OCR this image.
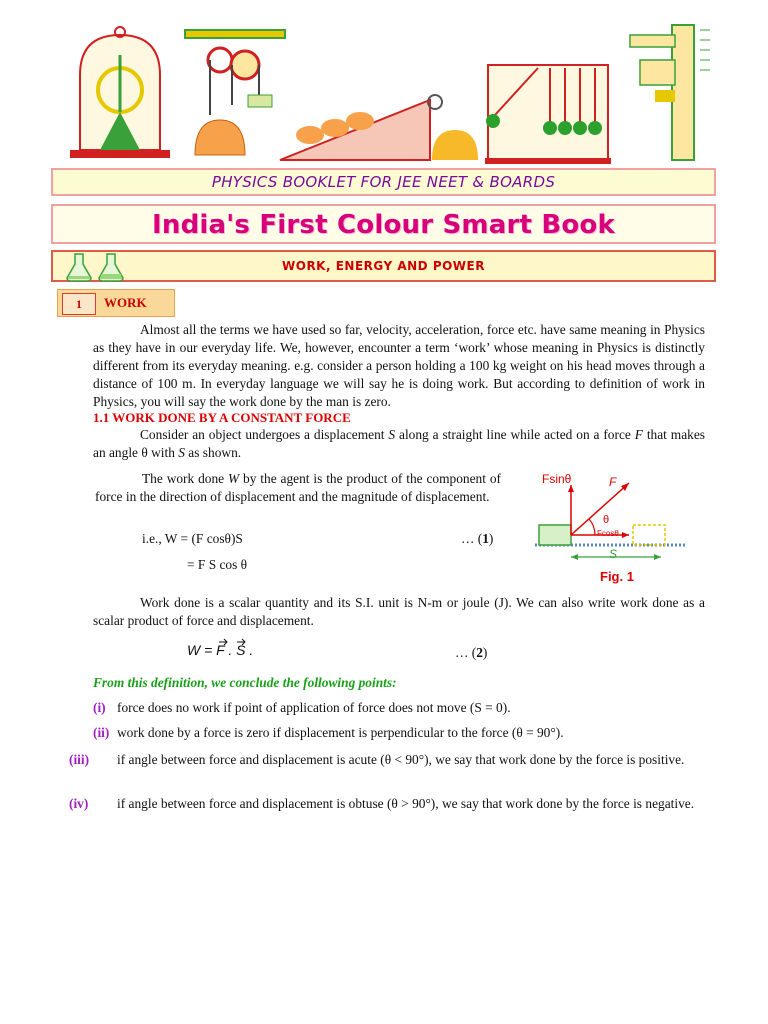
PHYSICS BOOKLET FOR JEE NEET & BOARDS
India's First Colour Smart Book
WORK, ENERGY AND POWER
1	WORK

Almost all the terms we have used so far, velocity, acceleration, force etc. have same meaning in Physics as they have in our everyday life. We, however, encounter a term ‘work’ whose meaning in Physics is distinctly different from its everyday meaning. e.g. consider a person holding a 100 kg weight on his head moves through a distance of 100 m. In everyday language we will say he is doing work. But according to definition of work in Physics, you will say the work done by the man is zero.

1.1 WORK DONE BY A CONSTANT FORCE

Consider an object undergoes a displacement S along a straight line while acted on a force F that makes an angle θ with S as shown.

The work done W by the agent is the product of the component of force in the direction of displacement and the magnitude of displacement.

i.e., W = (F cosθ)S
= F S cos θ
… (1)
Fsinθ	F
θ
Fcosθ
S
Fig. 1

Work done is a scalar quantity and its S.I. unit is N-m or joule (J). We can also write work done as a scalar product of force and displacement.

W = F . S .	… (2)
From this definition, we conclude the following points:
(i) force does no work if point of application of force does not move (S = 0).
(ii) work done by a force is zero if displacement is perpendicular to the force (θ = 90°).
(iii) if angle between force and displacement is acute (θ < 90°), we say that work done by the force is positive.
(iv) if angle between force and displacement is obtuse (θ > 90°), we say that work done by the force is negative.
